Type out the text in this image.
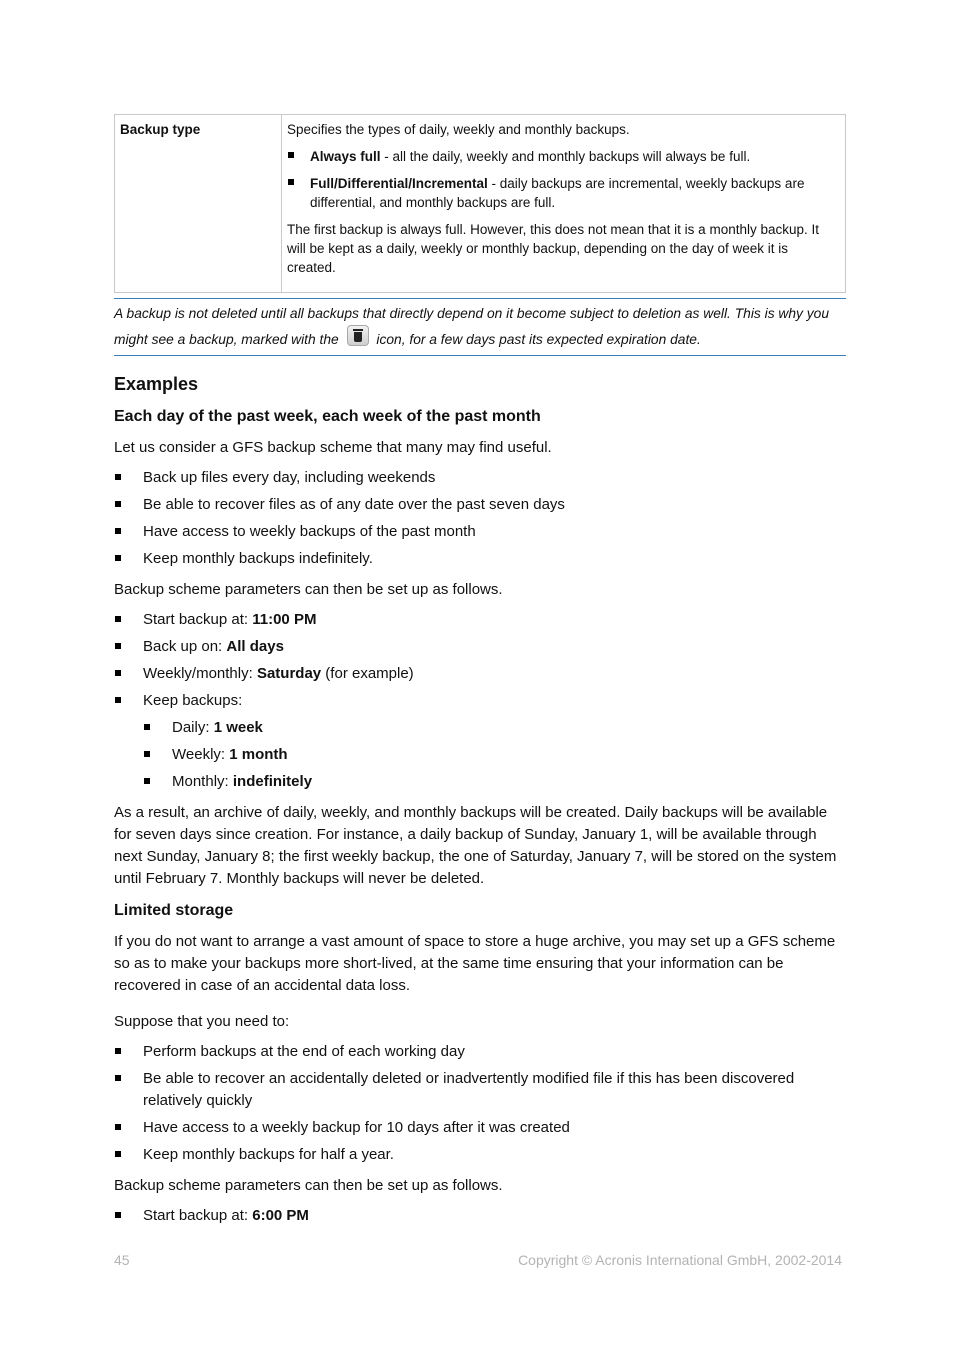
Backup type	Specifies the types of daily, weekly and monthly backups.

Always full - all the daily, weekly and monthly backups will always be full.
Full/Differential/Incremental - daily backups are incremental, weekly backups are differential, and monthly backups are full.

The first backup is always full. However, this does not mean that it is a monthly backup. It will be kept as a daily, weekly or monthly backup, depending on the day of week it is created.

A backup is not deleted until all backups that directly depend on it become subject to deletion as well. This is why you might see a backup, marked with the	icon, for a few days past its expected expiration date.
Examples
Each day of the past week, each week of the past month

Let us consider a GFS backup scheme that many may find useful.

Back up files every day, including weekends
Be able to recover files as of any date over the past seven days
Have access to weekly backups of the past month
Keep monthly backups indefinitely.

Backup scheme parameters can then be set up as follows.

Start backup at: 11:00 PM
Back up on: All days
Weekly/monthly: Saturday (for example)
Keep backups:
Daily: 1 week
Weekly: 1 month
Monthly: indefinitely

As a result, an archive of daily, weekly, and monthly backups will be created. Daily backups will be available for seven days since creation. For instance, a daily backup of Sunday, January 1, will be available through next Sunday, January 8; the first weekly backup, the one of Saturday, January 7, will be stored on the system until February 7. Monthly backups will never be deleted.

Limited storage

If you do not want to arrange a vast amount of space to store a huge archive, you may set up a GFS scheme so as to make your backups more short-lived, at the same time ensuring that your information can be recovered in case of an accidental data loss.

Suppose that you need to:

Perform backups at the end of each working day
Be able to recover an accidentally deleted or inadvertently modified file if this has been discovered relatively quickly
Have access to a weekly backup for 10 days after it was created
Keep monthly backups for half a year.

Backup scheme parameters can then be set up as follows.

Start backup at: 6:00 PM
45	Copyright © Acronis International GmbH, 2002-2014
